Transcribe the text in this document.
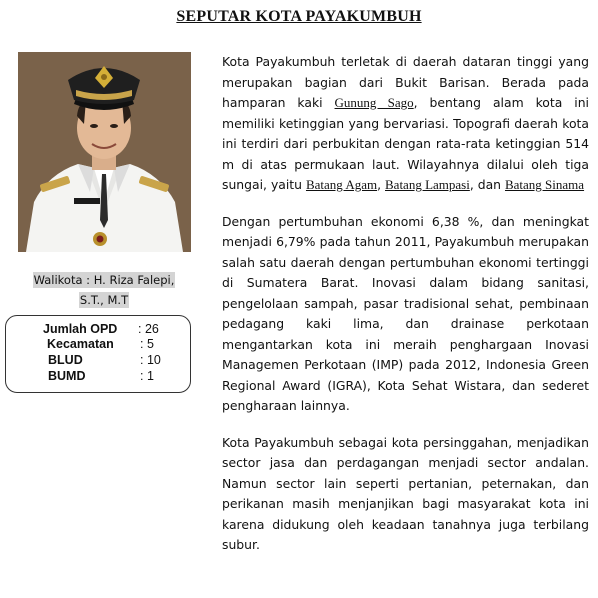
SEPUTAR KOTA PAYAKUMBUH
Walikota : H. Riza Falepi,
S.T., M.T
Jumlah OPD : 26
Kecamatan : 5
BLUD	: 10
BUMD	: 1

Kota Payakumbuh terletak di daerah dataran tinggi yang merupakan bagian dari Bukit Barisan. Berada pada hamparan kaki Gunung Sago, bentang alam kota ini memiliki ketinggian yang bervariasi. Topografi daerah kota ini terdiri dari perbukitan dengan rata-rata ketinggian 514 m di atas permukaan laut. Wilayahnya dilalui oleh tiga sungai, yaitu Batang Agam, Batang Lampasi, dan Batang Sinama

Dengan pertumbuhan ekonomi 6,38 %, dan meningkat menjadi 6,79% pada tahun 2011, Payakumbuh merupakan salah satu daerah dengan pertumbuhan ekonomi tertinggi di Sumatera Barat. Inovasi dalam bidang sanitasi, pengelolaan sampah, pasar tradisional sehat, pembinaan pedagang kaki lima, dan drainase perkotaan mengantarkan kota ini meraih penghargaan Inovasi Managemen Perkotaan (IMP) pada 2012, Indonesia Green Regional Award (IGRA), Kota Sehat Wistara, dan sederet pengharaan lainnya.

Kota Payakumbuh sebagai kota persinggahan, menjadikan sector jasa dan perdagangan menjadi sector andalan. Namun sector lain seperti pertanian, peternakan, dan perikanan masih menjanjikan bagi masyarakat kota ini karena didukung oleh keadaan tanahnya juga terbilang subur.
